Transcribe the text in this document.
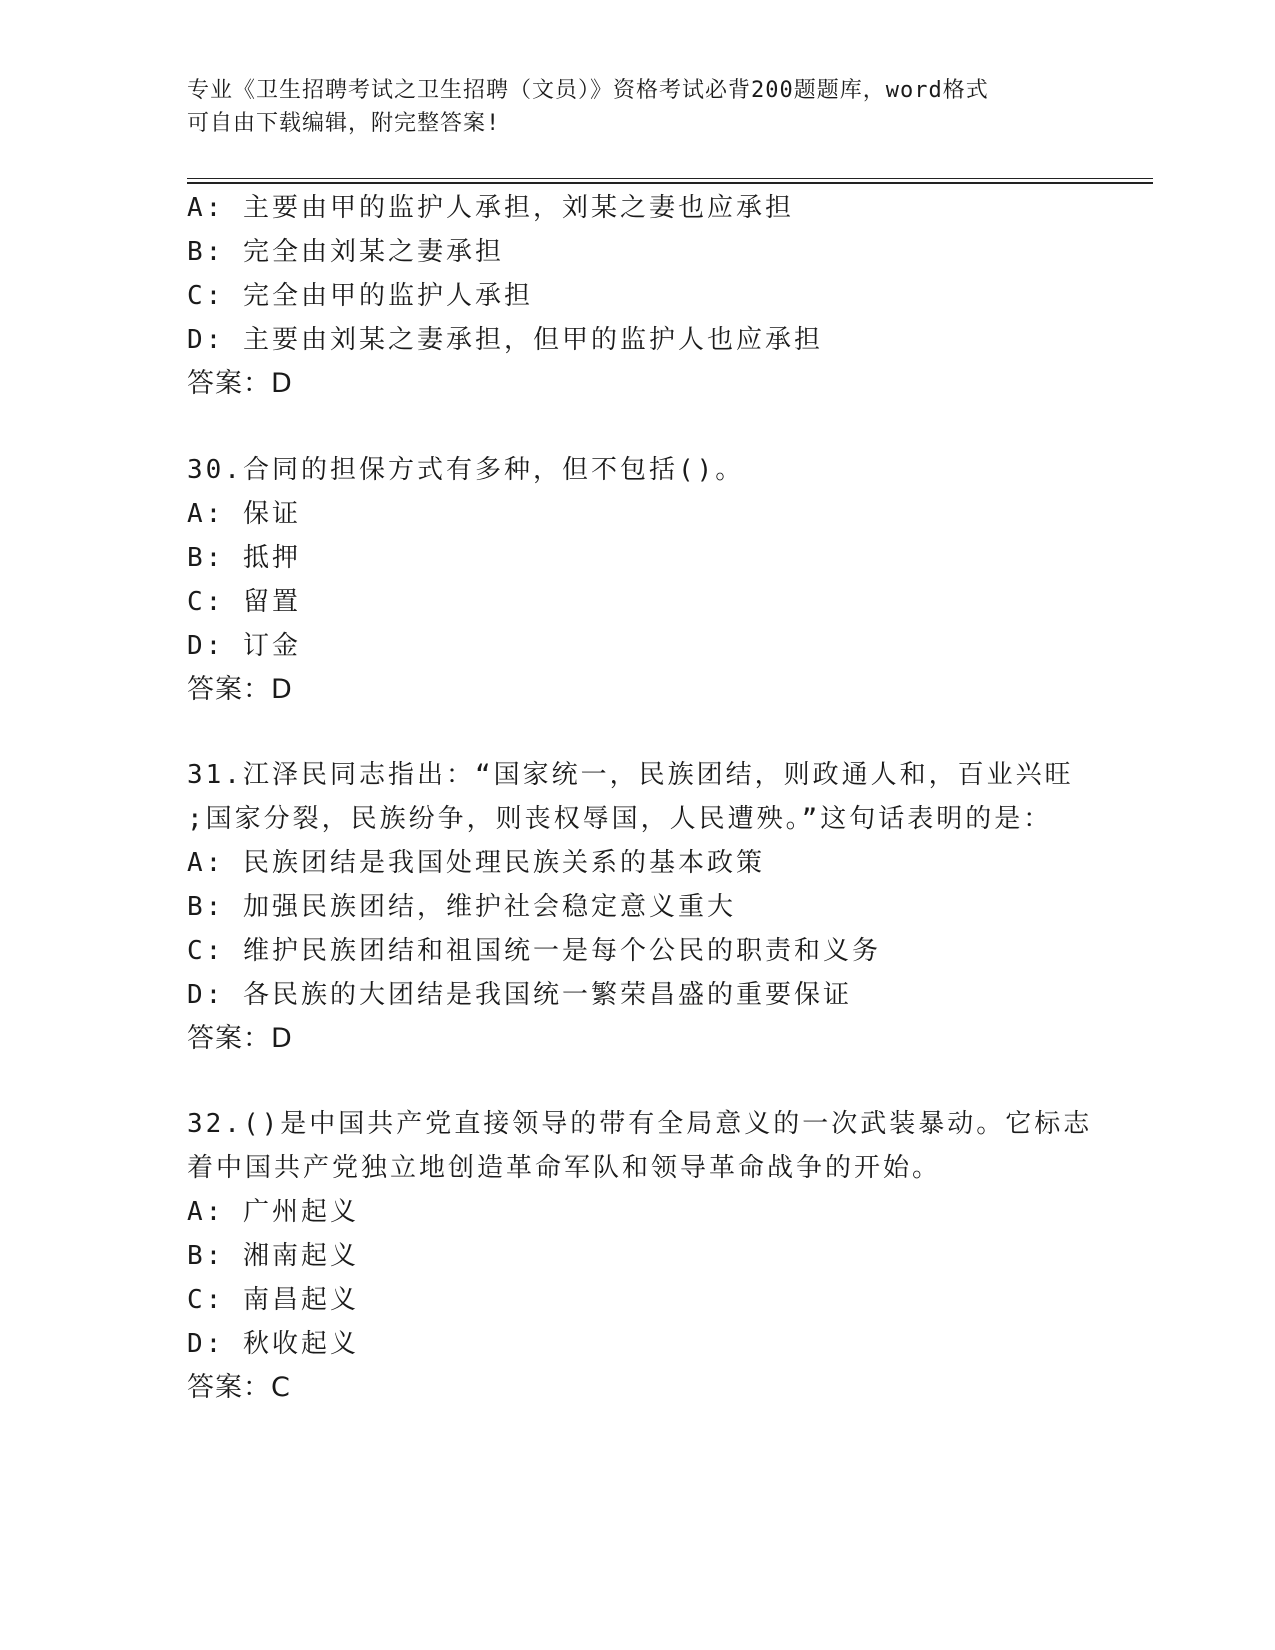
专业《卫生招聘考试之卫生招聘（文员）》资格考试必背200题题库，word格式
可自由下载编辑，附完整答案!
A: 主要由甲的监护人承担，刘某之妻也应承担
B: 完全由刘某之妻承担
C: 完全由甲的监护人承担
D: 主要由刘某之妻承担，但甲的监护人也应承担
答案：D
30.合同的担保方式有多种，但不包括()。
A: 保证
B: 抵押
C: 留置
D: 订金
答案：D
31.江泽民同志指出：“国家统一，民族团结，则政通人和，百业兴旺
;国家分裂，民族纷争，则丧权辱国，人民遭殃。”这句话表明的是：
A: 民族团结是我国处理民族关系的基本政策
B: 加强民族团结，维护社会稳定意义重大
C: 维护民族团结和祖国统一是每个公民的职责和义务
D: 各民族的大团结是我国统一繁荣昌盛的重要保证
答案：D
32.()是中国共产党直接领导的带有全局意义的一次武装暴动。它标志
着中国共产党独立地创造革命军队和领导革命战争的开始。
A: 广州起义
B: 湘南起义
C: 南昌起义
D: 秋收起义
答案：C
